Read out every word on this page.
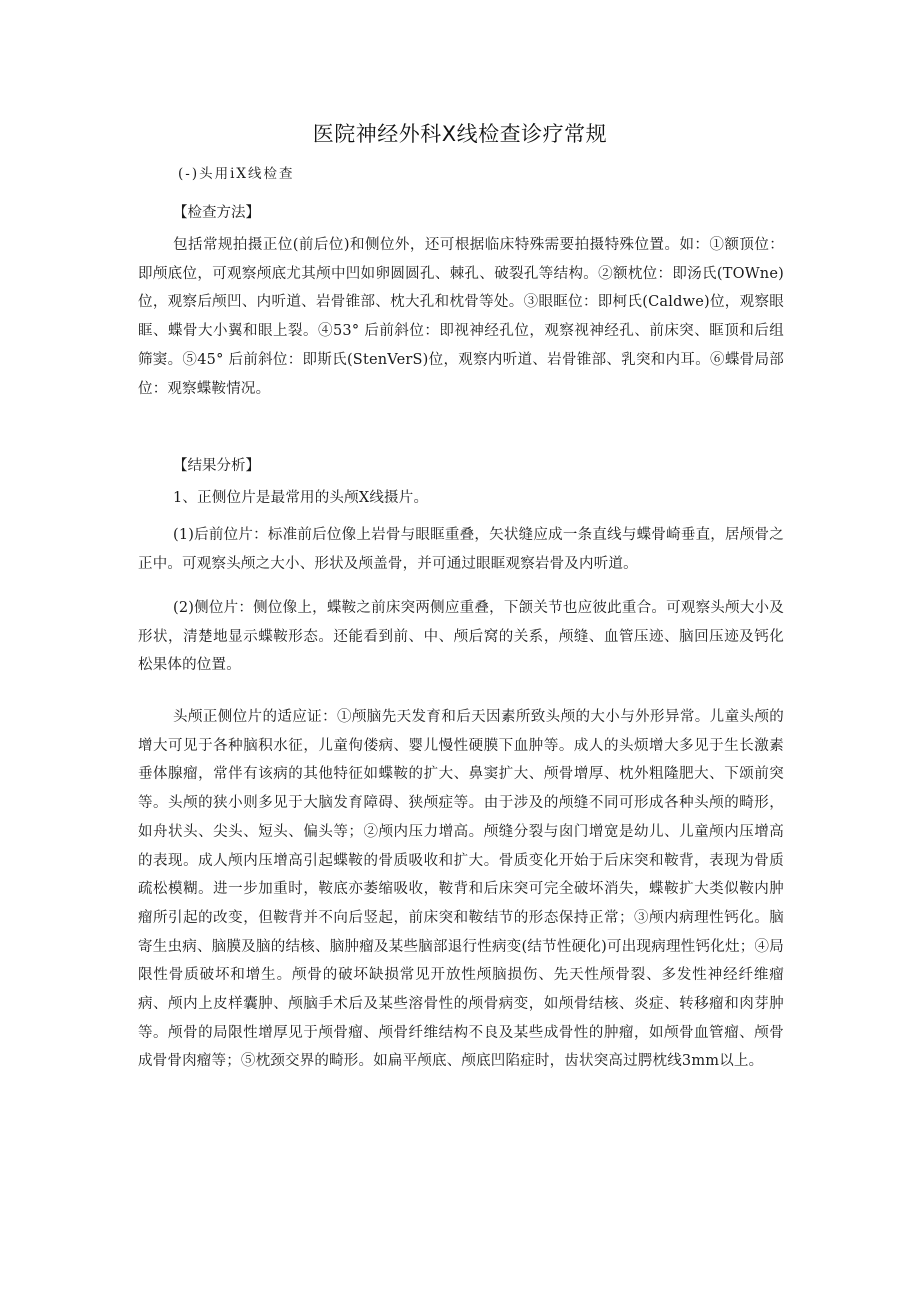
医院神经外科X线检查诊疗常规
(-)头用iX线检查
【检查方法】
包括常规拍摄正位(前后位)和侧位外，还可根据临床特殊需要拍摄特殊位置。如：①额顶位：即颅底位，可观察颅底尤其颅中凹如卵圆圆孔、棘孔、破裂孔等结构。②额枕位：即汤氏(TOWne)位，观察后颅凹、内听道、岩骨锥部、枕大孔和枕骨等处。③眼眶位：即柯氏(Caldwe)位，观察眼眶、蝶骨大小翼和眼上裂。④53° 后前斜位：即视神经孔位，观察视神经孔、前床突、眶顶和后组筛窦。⑤45° 后前斜位：即斯氏(StenVerS)位，观察内听道、岩骨锥部、乳突和内耳。⑥蝶骨局部位：观察蝶鞍情况。
【结果分析】
1、正侧位片是最常用的头颅X线摄片。
(1)后前位片：标准前后位像上岩骨与眼眶重叠，矢状缝应成一条直线与蝶骨崎垂直，居颅骨之正中。可观察头颅之大小、形状及颅盖骨，并可通过眼眶观察岩骨及内听道。
(2)侧位片：侧位像上，蝶鞍之前床突两侧应重叠，下颌关节也应彼此重合。可观察头颅大小及形状，清楚地显示蝶鞍形态。还能看到前、中、颅后窝的关系，颅缝、血管压迹、脑回压迹及钙化松果体的位置。
头颅正侧位片的适应证：①颅脑先天发育和后天因素所致头颅的大小与外形异常。儿童头颅的增大可见于各种脑积水征，儿童佝偻病、婴儿慢性硬膜下血肿等。成人的头烦增大多见于生长激素垂体腺瘤，常伴有该病的其他特征如蝶鞍的扩大、鼻窦扩大、颅骨增厚、枕外粗隆肥大、下颂前突等。头颅的狭小则多见于大脑发育障碍、狭颅症等。由于涉及的颅缝不同可形成各种头颅的畸形，如舟状头、尖头、短头、偏头等；②颅内压力增高。颅缝分裂与囱门增宽是幼儿、儿童颅内压增高的表现。成人颅内压增高引起蝶鞍的骨质吸收和扩大。骨质变化开始于后床突和鞍背，表现为骨质疏松模糊。进一步加重时，鞍底亦萎缩吸收，鞍背和后床突可完全破坏消失，蝶鞍扩大类似鞍内肿瘤所引起的改变，但鞍背并不向后竖起，前床突和鞍结节的形态保持正常；③颅内病理性钙化。脑寄生虫病、脑膜及脑的结核、脑肿瘤及某些脑部退行性病变(结节性硬化)可出现病理性钙化灶；④局限性骨质破坏和增生。颅骨的破坏缺损常见开放性颅脑损伤、先天性颅骨裂、多发性神经纤维瘤病、颅内上皮样囊肿、颅脑手术后及某些溶骨性的颅骨病变，如颅骨结核、炎症、转移瘤和肉芽肿等。颅骨的局限性增厚见于颅骨瘤、颅骨纤维结构不良及某些成骨性的肿瘤，如颅骨血管瘤、颅骨成骨骨肉瘤等；⑤枕颈交界的畸形。如扁平颅底、颅底凹陷症时，齿状突高过腭枕线3mm以上。
